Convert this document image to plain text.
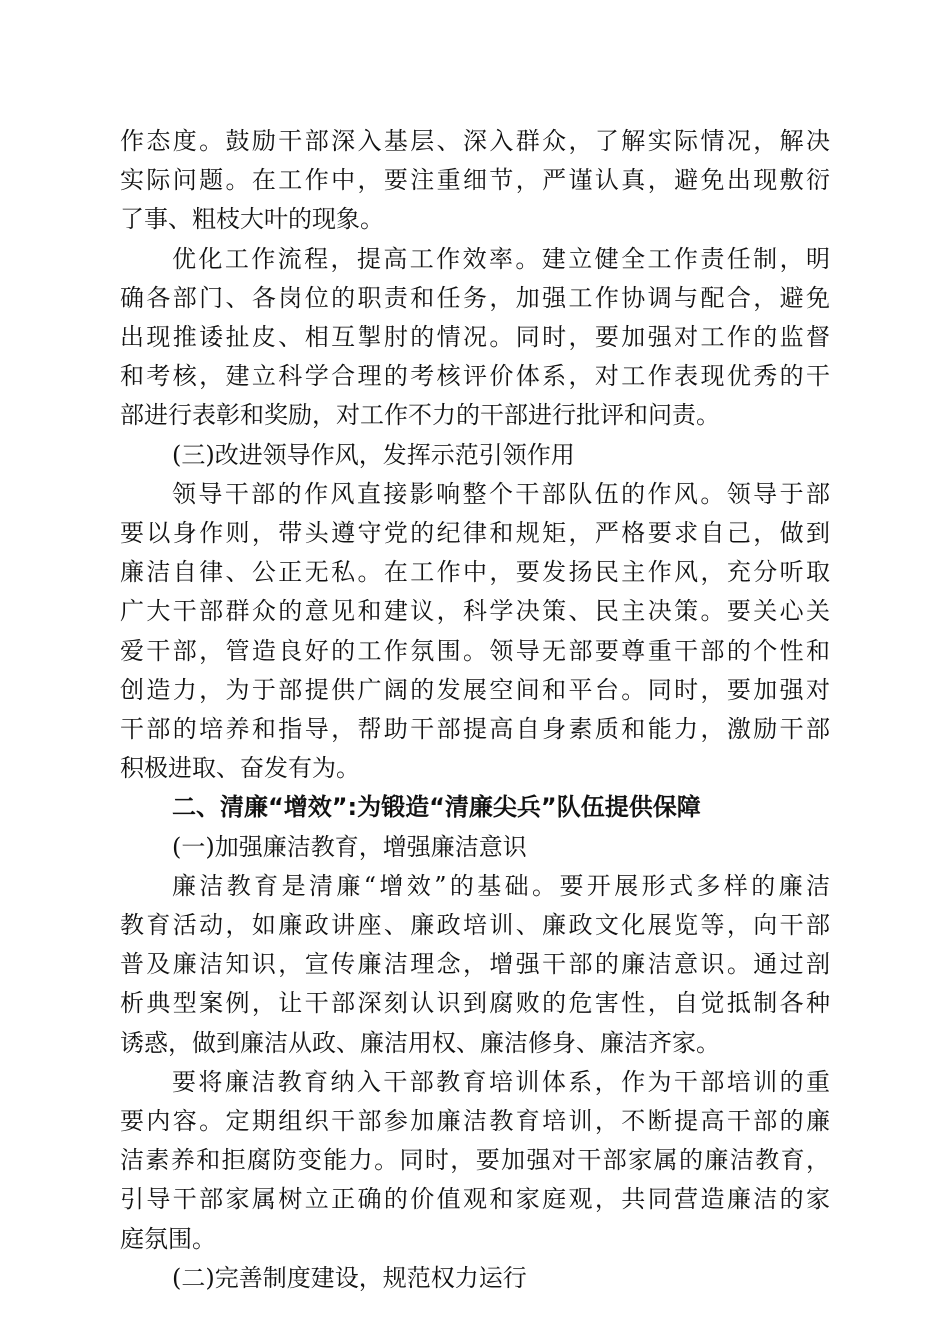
作态度。鼓励干部深入基层、深入群众，了解实际情况，解决
实际问题。在工作中，要注重细节，严谨认真，避免出现敷衍
了事、粗枝大叶的现象。
优化工作流程，提高工作效率。建立健全工作责任制，明
确各部门、各岗位的职责和任务，加强工作协调与配合，避免
出现推诿扯皮、相互掣肘的情况。同时，要加强对工作的监督
和考核，建立科学合理的考核评价体系，对工作表现优秀的干
部进行表彰和奖励，对工作不力的干部进行批评和问责。
(三)改进领导作风，发挥示范引领作用
领导干部的作风直接影响整个干部队伍的作风。领导于部
要以身作则，带头遵守党的纪律和规矩，严格要求自己，做到
廉洁自律、公正无私。在工作中，要发扬民主作风，充分听取
广大干部群众的意见和建议，科学决策、民主决策。要关心关
爱干部，管造良好的工作氛围。领导无部要尊重干部的个性和
创造力，为于部提供广阔的发展空间和平台。同时，要加强对
干部的培养和指导，帮助干部提高自身素质和能力，激励干部
积极进取、奋发有为。
二、清廉“增效”:为锻造“清廉尖兵”队伍提供保障
(一)加强廉洁教育，增强廉洁意识
廉洁教育是清廉“增效”的基础。要开展形式多样的廉洁
教育活动，如廉政讲座、廉政培训、廉政文化展览等，向干部
普及廉洁知识，宣传廉洁理念，增强干部的廉洁意识。通过剖
析典型案例，让干部深刻认识到腐败的危害性，自觉抵制各种
诱惑，做到廉洁从政、廉洁用权、廉洁修身、廉洁齐家。
要将廉洁教育纳入干部教育培训体系，作为干部培训的重
要内容。定期组织干部参加廉洁教育培训，不断提高干部的廉
洁素养和拒腐防变能力。同时，要加强对干部家属的廉洁教育，
引导干部家属树立正确的价值观和家庭观，共同营造廉洁的家
庭氛围。
(二)完善制度建设，规范权力运行
